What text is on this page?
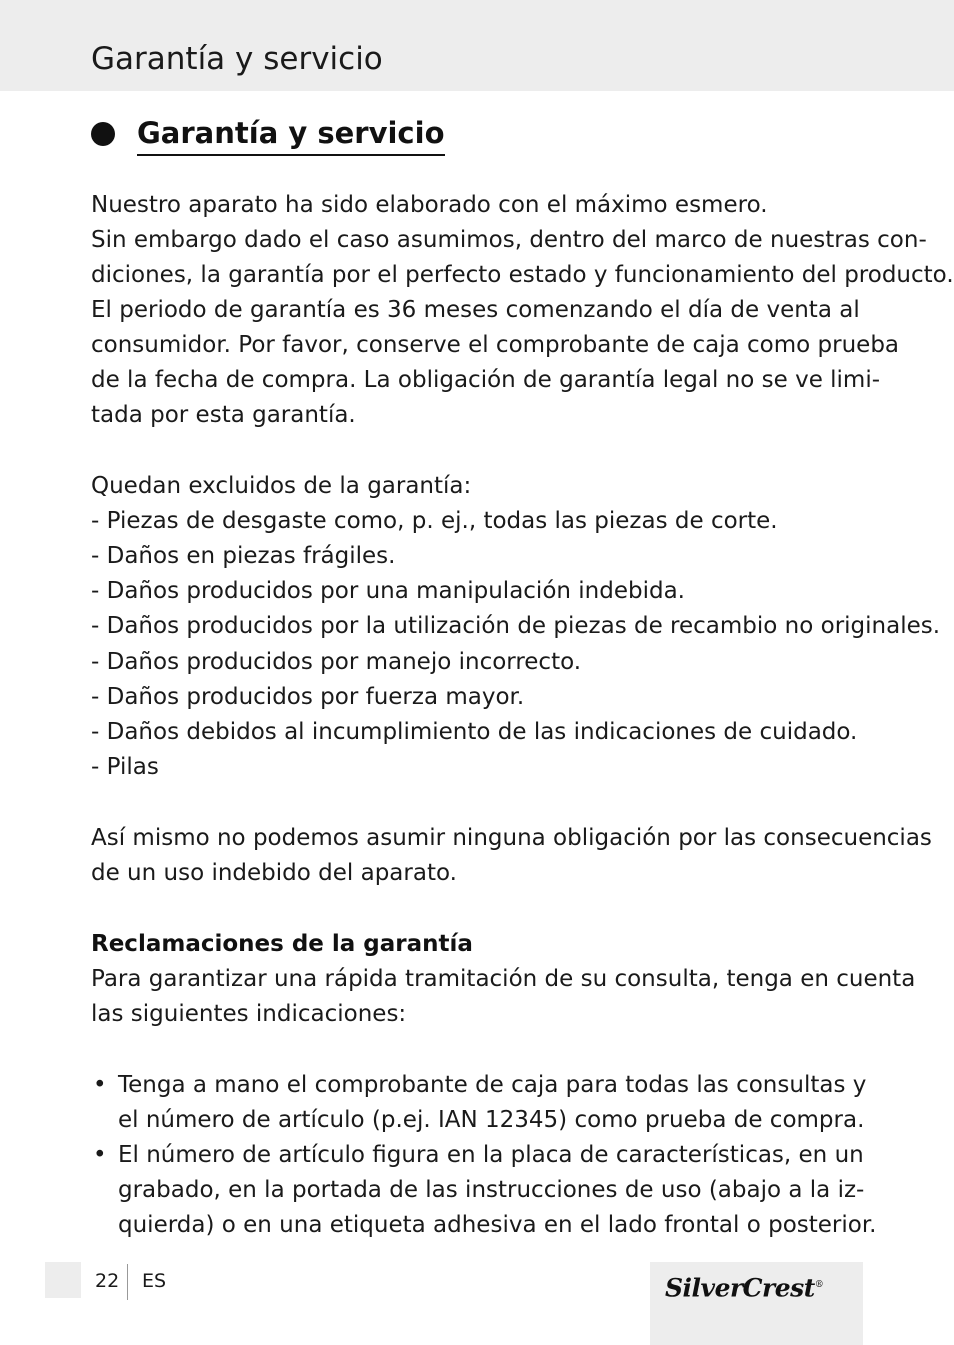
Garantía y servicio
Garantía y servicio
Nuestro aparato ha sido elaborado con el máximo esmero.
Sin embargo dado el caso asumimos, dentro del marco de nuestras con-
diciones, la garantía por el perfecto estado y funcionamiento del producto.
El periodo de garantía es 36 meses comenzando el día de venta al
consumidor. Por favor, conserve el comprobante de caja como prueba
de la fecha de compra. La obligación de garantía legal no se ve limi-
tada por esta garantía.
Quedan excluidos de la garantía:
- Piezas de desgaste como, p. ej., todas las piezas de corte.
- Daños en piezas frágiles.
- Daños producidos por una manipulación indebida.
- Daños producidos por la utilización de piezas de recambio no originales.
- Daños producidos por manejo incorrecto.
- Daños producidos por fuerza mayor.
- Daños debidos al incumplimiento de las indicaciones de cuidado.
- Pilas
Así mismo no podemos asumir ninguna obligación por las consecuencias
de un uso indebido del aparato.
Reclamaciones de la garantía
Para garantizar una rápida tramitación de su consulta, tenga en cuenta
las siguientes indicaciones:
• Tenga a mano el comprobante de caja para todas las consultas y
el número de artículo (p.ej. IAN 12345) como prueba de compra.
• El número de artículo figura en la placa de características, en un
grabado, en la portada de las instrucciones de uso (abajo a la iz-
quierda) o en una etiqueta adhesiva en el lado frontal o posterior.
22 ES	SilverCrest®
